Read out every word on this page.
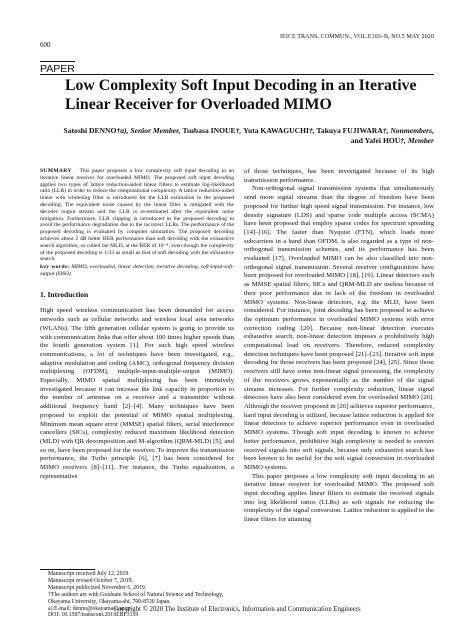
600
IEICE TRANS. COMMUN., VOL.E103–B, NO.5 MAY 2020
PAPER
Low Complexity Soft Input Decoding in an Iterative Linear Receiver for Overloaded MIMO
Satoshi DENNO†a), Senior Member, Tsubasa INOUE†, Yuta KAWAGUCHI†, Takuya FUJIWARA†, Nonmembers,
and Yafei HOU†, Member

SUMMARY This paper proposes a low complexity soft input decoding in an iterative linear receiver for overloaded MIMO. The proposed soft input decoding applies two types of lattice reduction-aided linear filters to estimate log-likelihood ratio (LLR) in order to reduce the computational complexity. A lattice reduction-aided linear with whitening filter is introduced for the LLR estimation in the proposed decoding. The equivalent noise caused by the linear filter is mitigated with the decoder output stream and the LLR is re-estimated after the equivalent noise mitigation. Furthermore, LLR clipping is introduced in the proposed decoding to avoid the performance degradation due to the incorrect LLRs. The performance of the proposed decoding is evaluated by computer simulation. The proposed decoding achieves about 2 dB better BER performance than soft decoding with the exhaustive search algorithm, so called the MLD, at the BER of 10⁻⁴, even though the complexity of the proposed decoding is 1/33 as small as that of soft decoding with the exhaustive search.

key words: MIMO, overloaded, linear detection, iterative decoding, soft-input-soft-output (SISO)

1. Introduction

High speed wireless communication has been demanded for access networks such as cellular networks and wireless local area networks (WLANs). The fifth generation cellular system is going to provide us with communication links that offer about 100 times higher speeds than the fourth generation system [1]. For such high speed wireless communications, a lot of techniques have been investigated, e.g., adaptive modulation and coding (AMC), orthogonal frequency division multiplexing (OFDM), multiple-input-multiple-output (MIMO). Especially, MIMO spatial multiplexing has been intensively investigated because it can increase the link capacity in proportion to the number of antennas on a receiver and a transmitter without additional frequency band [2]–[4]. Many techniques have been proposed to exploit the potential of MIMO spatial multiplexing. Minimum mean square error (MMSE) spatial filters, serial interference cancellers (SICs), complexity reduced maximum likelihood detection (MLD) with QR decomposition and M-algorithm (QRM-MLD) [5], and so on, have been proposed for the receiver. To improve the transmission performance, the Turbo principle [6], [7] has been considered for MIMO receivers [8]–[11]. For instance, the Turbo equalization, a representative

of those techniques, has been investigated because of its high transmission performance.

Non-orthogonal signal transmission systems that simultaneously send more signal streams than the degree of freedom have been proposed for further high speed signal transmission. For instance, low density signature (LDS) and sparse code multiple access (SCMA) have been proposed that employ sparse codes for spectrum spreading [14]–[16]. The faster than Nyquist (FTN), which loads more subcarriers in a band than OFDM, is also regarded as a type of non-orthogonal transmission schemes, and its performance has been evaluated [17]. Overloaded MIMO can be also classified into non-orthogonal signal transmission. Several receiver configurations have been proposed for overloaded MIMO [18], [19]. Linear detectors such as MMSE spatial filters, SICs and QRM-MLD are useless because of their poor performance due to lack of the freedom in overloaded MIMO systems. Non-linear detectors, e.g. the MLD, have been considered. For instance, joint decoding has been proposed to achieve the optimum performance in overloaded MIMO systems with error correction coding [20]. Because non-linear detection executes exhaustive search, non-linear detection imposes a prohibitively high computational load on receivers. Therefore, reduced complexity detection techniques have been proposed [21]–[23]. Iterative soft input decoding for those receivers has been proposed [24], [25]. Since those receivers still have some non-linear signal processing, the complexity of the receivers grows exponentially as the number of the signal streams increases. For further complexity reduction, linear signal detectors have also been considered even for overloaded MIMO [26]. Although the receiver proposed in [26] achieves superior performance, hard input decoding is utilized, because lattice reduction is applied for linear detectors to achieve superior performance even in overloaded MIMO systems. Though soft input decoding is known to achieve better performance, prohibitive high complexity is needed to convert received signals into soft signals, because only exhaustive search has been known to be useful for the soft signal conversion in overloaded MIMO systems.

This paper proposes a low complexity soft input decoding in an iterative linear receiver for overloaded MIMO. The proposed soft input decoding applies linear filters to estimate the received signals into log likelihood ratios (LLRs) as soft signals for reducing the complexity of the signal conversion. Lattice reduction is applied to the linear filters for attaining

Manuscript received July 12, 2019.
Manuscript revised October 7, 2019.
Manuscript publicized November 6, 2019.
†The authors are with Graduate School of Natural Science and Technology, Okayama University, Okayama-shi, 700-8530 Japan.
a) E-mail: denno@okayama-u.ac.jp
DOI: 10.1587/transcom.2019EBP3159
Copyright © 2020 The Institute of Electronics, Information and Communication Engineers
